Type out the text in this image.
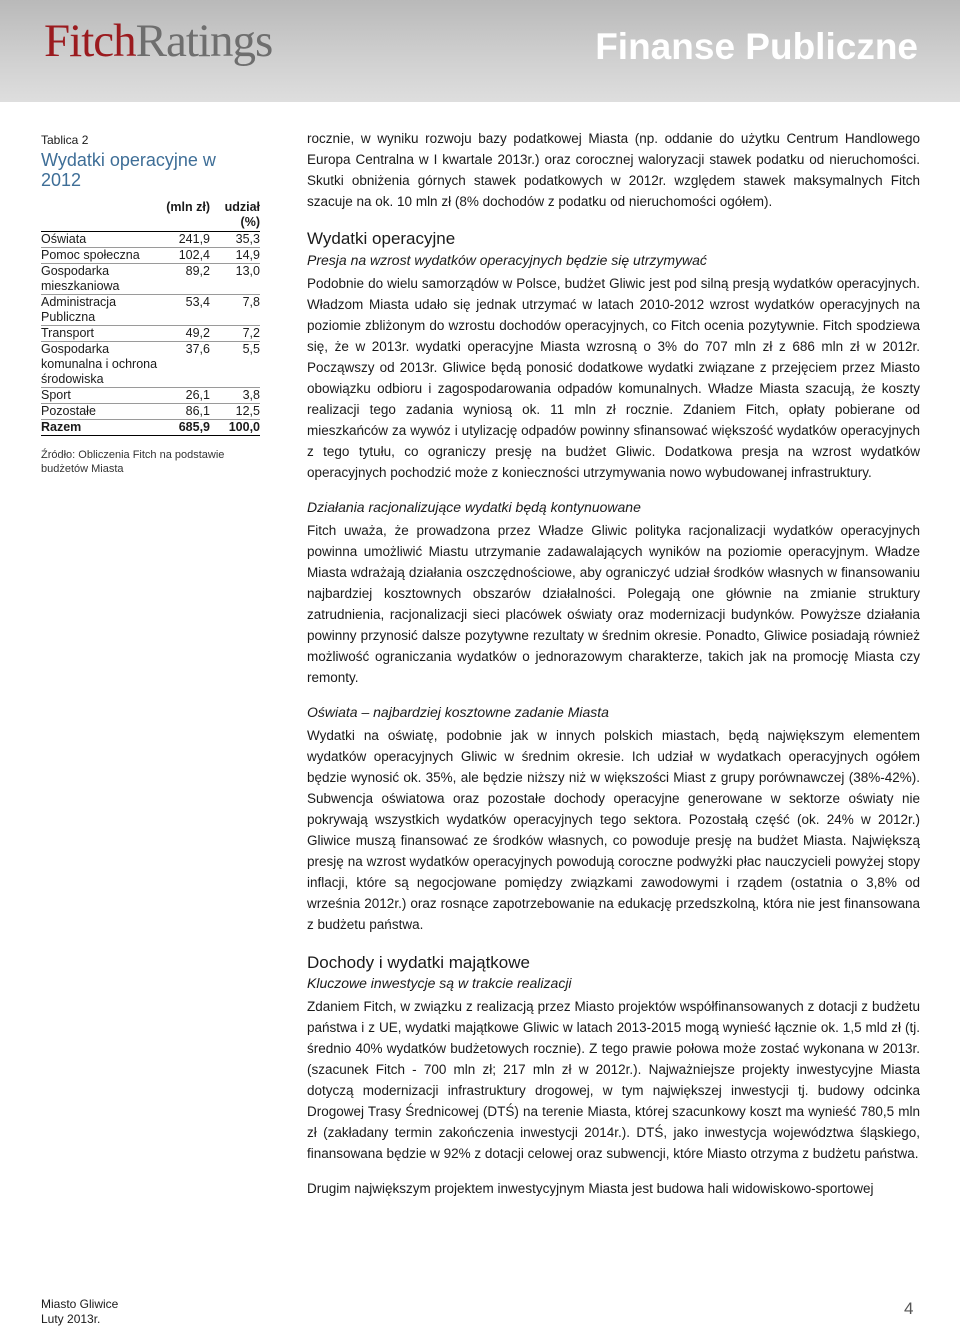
FitchRatings	Finanse Publiczne
Tablica 2
Wydatki operacyjne w 2012
	(mln zł)	udział (%)
Oświata	241,9	35,3
Pomoc społeczna	102,4	14,9
Gospodarka mieszkaniowa	89,2	13,0
Administracja Publiczna	53,4	7,8
Transport	49,2	7,2
Gospodarka komunalna i ochrona środowiska	37,6	5,5
Sport	26,1	3,8
Pozostałe	86,1	12,5
Razem	685,9	100,0
Źródło: Obliczenia Fitch na podstawie budżetów Miasta

rocznie, w wyniku rozwoju bazy podatkowej Miasta (np. oddanie do użytku Centrum Handlowego Europa Centralna w I kwartale 2013r.) oraz corocznej waloryzacji stawek podatku od nieruchomości. Skutki obniżenia górnych stawek podatkowych w 2012r. względem stawek maksymalnych Fitch szacuje na ok. 10 mln zł (8% dochodów z podatku od nieruchomości ogółem).

Wydatki operacyjne
Presja na wzrost wydatków operacyjnych będzie się utrzymywać

Podobnie do wielu samorządów w Polsce, budżet Gliwic jest pod silną presją wydatków operacyjnych. Władzom Miasta udało się jednak utrzymać w latach 2010-2012 wzrost wydatków operacyjnych na poziomie zbliżonym do wzrostu dochodów operacyjnych, co Fitch ocenia pozytywnie. Fitch spodziewa się, że w 2013r. wydatki operacyjne Miasta wzrosną o 3% do 707 mln zł z 686 mln zł w 2012r. Począwszy od 2013r. Gliwice będą ponosić dodatkowe wydatki związane z przejęciem przez Miasto obowiązku odbioru i zagospodarowania odpadów komunalnych. Władze Miasta szacują, że koszty realizacji tego zadania wyniosą ok. 11 mln zł rocznie. Zdaniem Fitch, opłaty pobierane od mieszkańców za wywóz i utylizację odpadów powinny sfinansować większość wydatków operacyjnych z tego tytułu, co ograniczy presję na budżet Gliwic. Dodatkowa presja na wzrost wydatków operacyjnych pochodzić może z konieczności utrzymywania nowo wybudowanej infrastruktury.

Działania racjonalizujące wydatki będą kontynuowane

Fitch uważa, że prowadzona przez Władze Gliwic polityka racjonalizacji wydatków operacyjnych powinna umożliwić Miastu utrzymanie zadawalających wyników na poziomie operacyjnym. Władze Miasta wdrażają działania oszczędnościowe, aby ograniczyć udział środków własnych w finansowaniu najbardziej kosztownych obszarów działalności. Polegają one głównie na zmianie struktury zatrudnienia, racjonalizacji sieci placówek oświaty oraz modernizacji budynków. Powyższe działania powinny przynosić dalsze pozytywne rezultaty w średnim okresie. Ponadto, Gliwice posiadają również możliwość ograniczania wydatków o jednorazowym charakterze, takich jak na promocję Miasta czy remonty.

Oświata – najbardziej kosztowne zadanie Miasta

Wydatki na oświatę, podobnie jak w innych polskich miastach, będą największym elementem wydatków operacyjnych Gliwic w średnim okresie. Ich udział w wydatkach operacyjnych ogółem będzie wynosić ok. 35%, ale będzie niższy niż w większości Miast z grupy porównawczej (38%-42%). Subwencja oświatowa oraz pozostałe dochody operacyjne generowane w sektorze oświaty nie pokrywają wszystkich wydatków operacyjnych tego sektora. Pozostałą część (ok. 24% w 2012r.) Gliwice muszą finansować ze środków własnych, co powoduje presję na budżet Miasta. Największą presję na wzrost wydatków operacyjnych powodują coroczne podwyżki płac nauczycieli powyżej stopy inflacji, które są negocjowane pomiędzy związkami zawodowymi i rządem (ostatnia o 3,8% od września 2012r.) oraz rosnące zapotrzebowanie na edukację przedszkolną, która nie jest finansowana z budżetu państwa.

Dochody i wydatki majątkowe
Kluczowe inwestycje są w trakcie realizacji

Zdaniem Fitch, w związku z realizacją przez Miasto projektów współfinansowanych z dotacji z budżetu państwa i z UE, wydatki majątkowe Gliwic w latach 2013-2015 mogą wynieść łącznie ok. 1,5 mld zł (tj. średnio 40% wydatków budżetowych rocznie). Z tego prawie połowa może zostać wykonana w 2013r. (szacunek Fitch - 700 mln zł; 217 mln zł w 2012r.). Najważniejsze projekty inwestycyjne Miasta dotyczą modernizacji infrastruktury drogowej, w tym największej inwestycji tj. budowy odcinka Drogowej Trasy Średnicowej (DTŚ) na terenie Miasta, której szacunkowy koszt ma wynieść 780,5 mln zł (zakładany termin zakończenia inwestycji 2014r.). DTŚ, jako inwestycja województwa śląskiego, finansowana będzie w 92% z dotacji celowej oraz subwencji, które Miasto otrzyma z budżetu państwa.

Drugim największym projektem inwestycyjnym Miasta jest budowa hali widowiskowo-sportowej

Miasto Gliwice
Luty 2013r.
4
